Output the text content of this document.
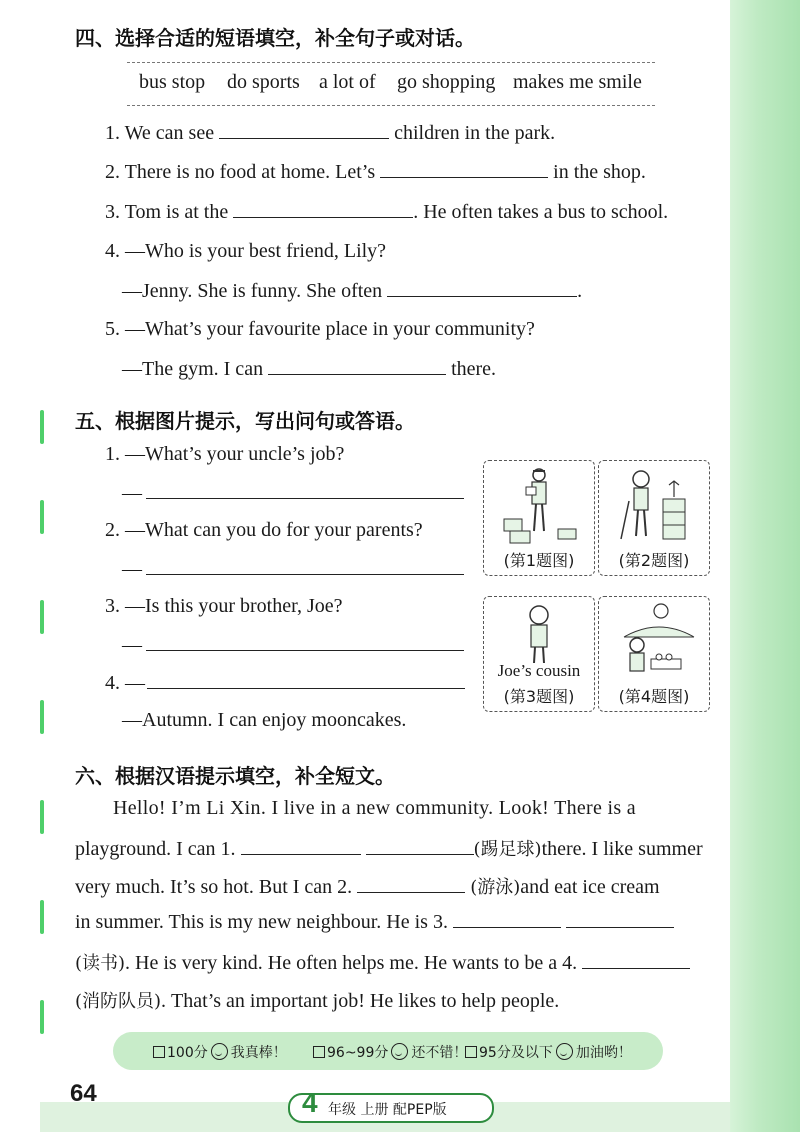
四、选择合适的短语填空，补全句子或对话。
bus stop do sports a lot of go shopping makes me smile
1. We can see	children in the park.
2. There is no food at home. Let’s	in the shop.
3. Tom is at the	. He often takes a bus to school.
4. —Who is your best friend, Lily?
—Jenny. She is funny. She often	.
5. —What’s your favourite place in your community?
—The gym. I can	there.
五、根据图片提示，写出问句或答语。
1. —What’s your uncle’s job?
—
2. —What can you do for your parents?
—
3. —Is this your brother, Joe?
—
4. —
—Autumn. I can enjoy mooncakes.
(第1题图)	(第2题图)
Joe’s cousin
(第3题图)	(第4题图)
六、根据汉语提示填空，补全短文。
Hello! I’m Li Xin. I live in a new community. Look! There is a
playground. I can 1.	(踢足球)there. I like summer
very much. It’s so hot. But I can 2.	(游泳)and eat ice cream
in summer. This is my new neighbour. He is 3.
(读书). He is very kind. He often helps me. He wants to be a 4.
(消防队员). That’s an important job! He likes to help people.
100分 我真棒！	96~99分 还不错！ 95分及以下 加油哟！
64	4 年级 上册 配PEP版
